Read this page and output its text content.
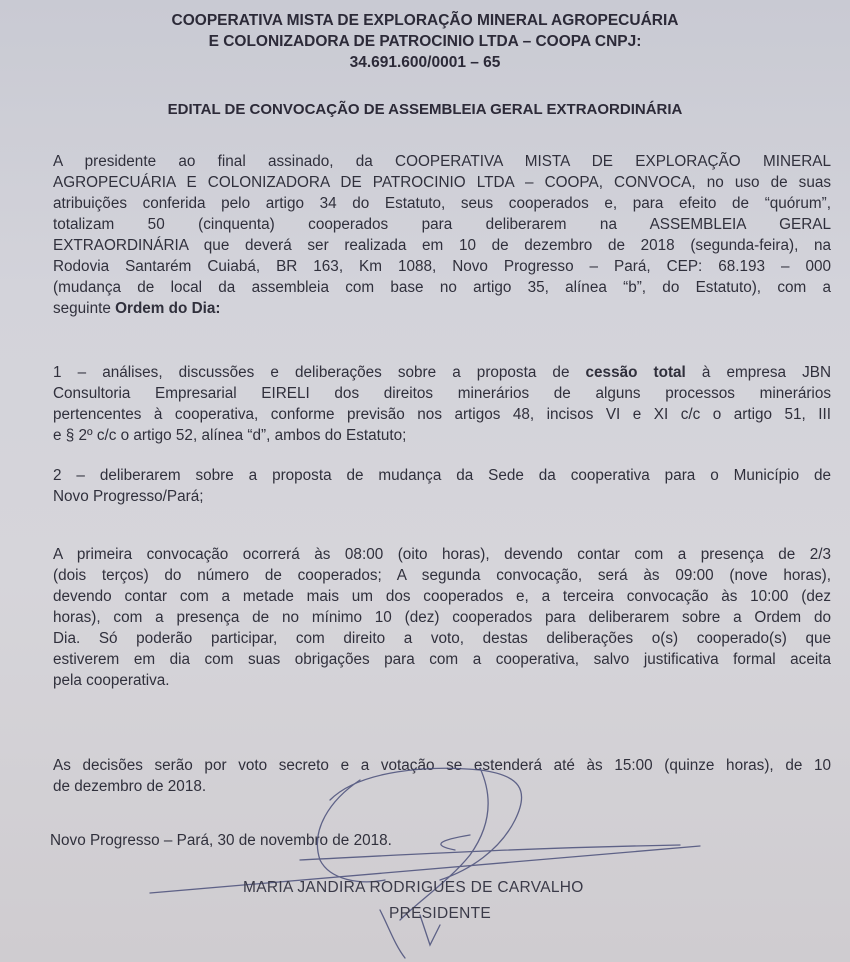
COOPERATIVA MISTA DE EXPLORAÇÃO MINERAL AGROPECUÁRIA
E COLONIZADORA DE PATROCINIO LTDA – COOPA CNPJ:
34.691.600/0001 – 65
EDITAL DE CONVOCAÇÃO DE ASSEMBLEIA GERAL EXTRAORDINÁRIA
A presidente ao final assinado, da COOPERATIVA MISTA DE EXPLORAÇÃO MINERAL
AGROPECUÁRIA E COLONIZADORA DE PATROCINIO LTDA – COOPA, CONVOCA, no uso de suas
atribuições conferida pelo artigo 34 do Estatuto, seus cooperados e, para efeito de “quórum”,
totalizam 50 (cinquenta) cooperados para deliberarem na ASSEMBLEIA GERAL
EXTRAORDINÁRIA que deverá ser realizada em 10 de dezembro de 2018 (segunda-feira), na
Rodovia Santarém Cuiabá, BR 163, Km 1088, Novo Progresso – Pará, CEP: 68.193 – 000
(mudança de local da assembleia com base no artigo 35, alínea “b”, do Estatuto), com a
seguinte Ordem do Dia:
1 – análises, discussões e deliberações sobre a proposta de cessão total à empresa JBN
Consultoria Empresarial EIRELI dos direitos minerários de alguns processos minerários
pertencentes à cooperativa, conforme previsão nos artigos 48, incisos VI e XI c/c o artigo 51, III
e § 2º c/c o artigo 52, alínea “d”, ambos do Estatuto;
2 – deliberarem sobre a proposta de mudança da Sede da cooperativa para o Município de
Novo Progresso/Pará;
A primeira convocação ocorrerá às 08:00 (oito horas), devendo contar com a presença de 2/3
(dois terços) do número de cooperados; A segunda convocação, será às 09:00 (nove horas),
devendo contar com a metade mais um dos cooperados e, a terceira convocação às 10:00 (dez
horas), com a presença de no mínimo 10 (dez) cooperados para deliberarem sobre a Ordem do
Dia. Só poderão participar, com direito a voto, destas deliberações o(s) cooperado(s) que
estiverem em dia com suas obrigações para com a cooperativa, salvo justificativa formal aceita
pela cooperativa.
As decisões serão por voto secreto e a votação se estenderá até às 15:00 (quinze horas), de 10
de dezembro de 2018.
Novo Progresso – Pará, 30 de novembro de 2018.
MARIA JANDIRA RODRIGUES DE CARVALHO
PRESIDENTE
